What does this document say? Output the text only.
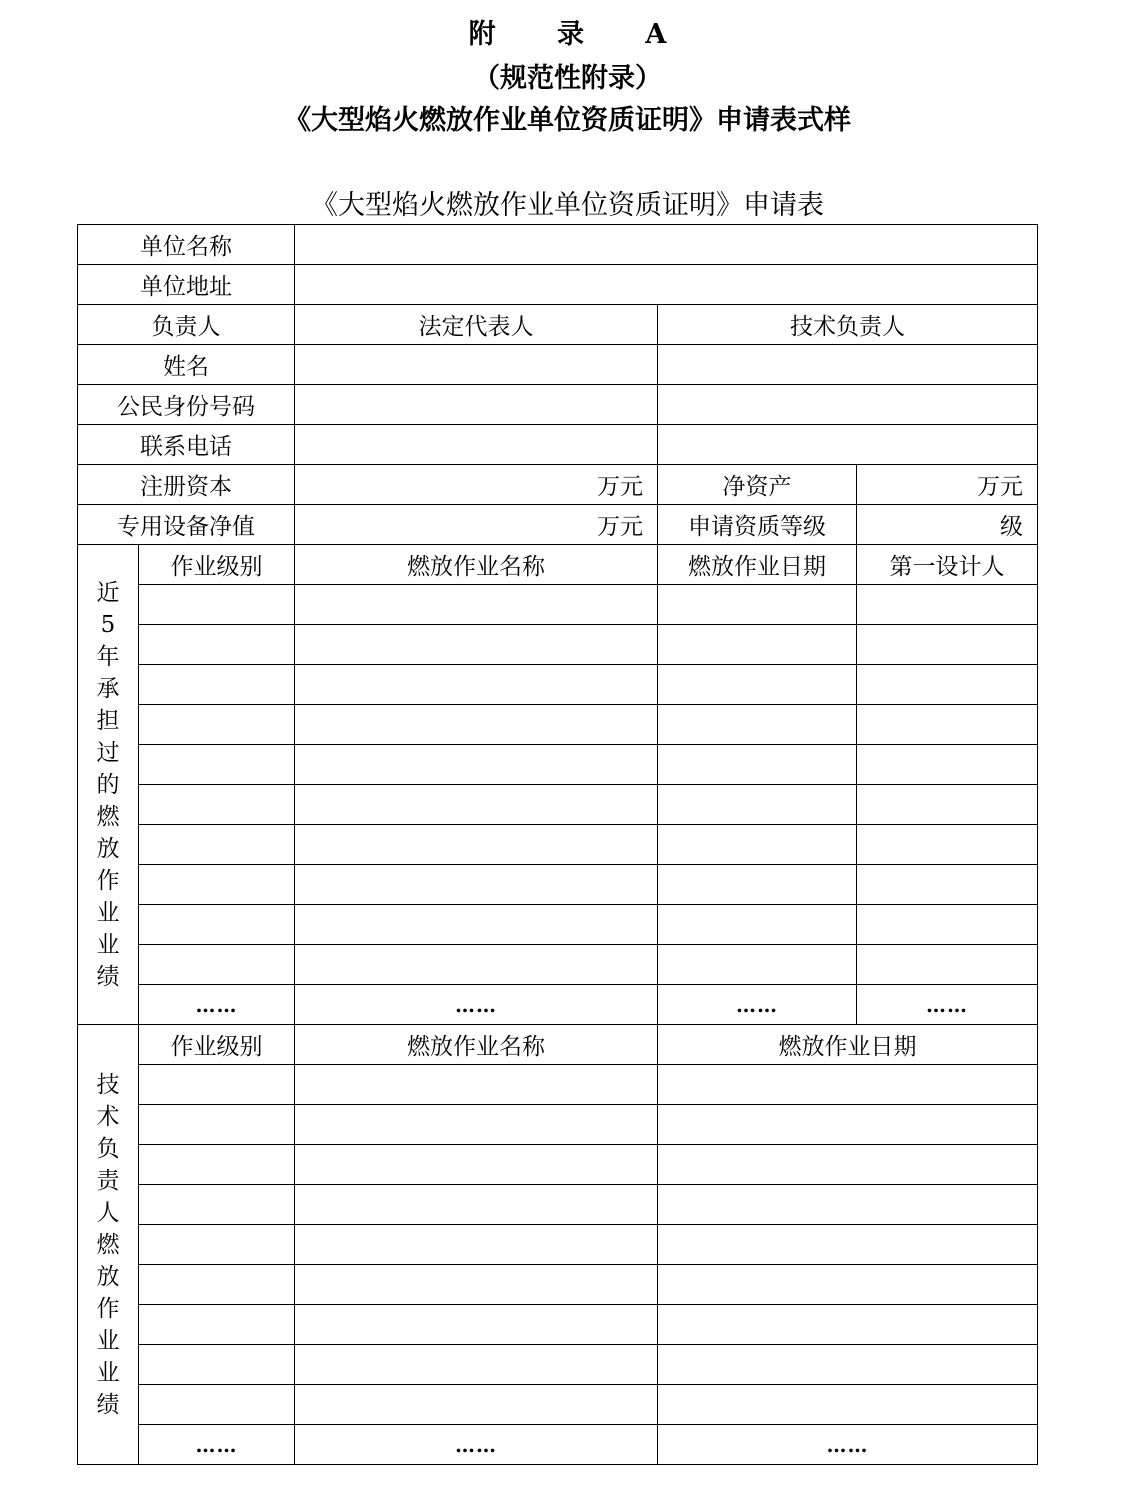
附 录 A
（规范性附录）
《大型焰火燃放作业单位资质证明》申请表式样
《大型焰火燃放作业单位资质证明》申请表
单位名称				
单位地址				
负责人		法定代表人	技术负责人	
姓名				
公民身份号码				
联系电话				
注册资本		万元	净资产	万元
专用设备净值		万元	申请资质等级	级

近5年承担过的燃放作业业绩	作业级别	燃放作业名称	燃放作业日期	第一设计人

	……	……	……	……

技术负责人燃放作业业绩	作业级别	燃放作业名称	燃放作业日期	

	……	……	……	
